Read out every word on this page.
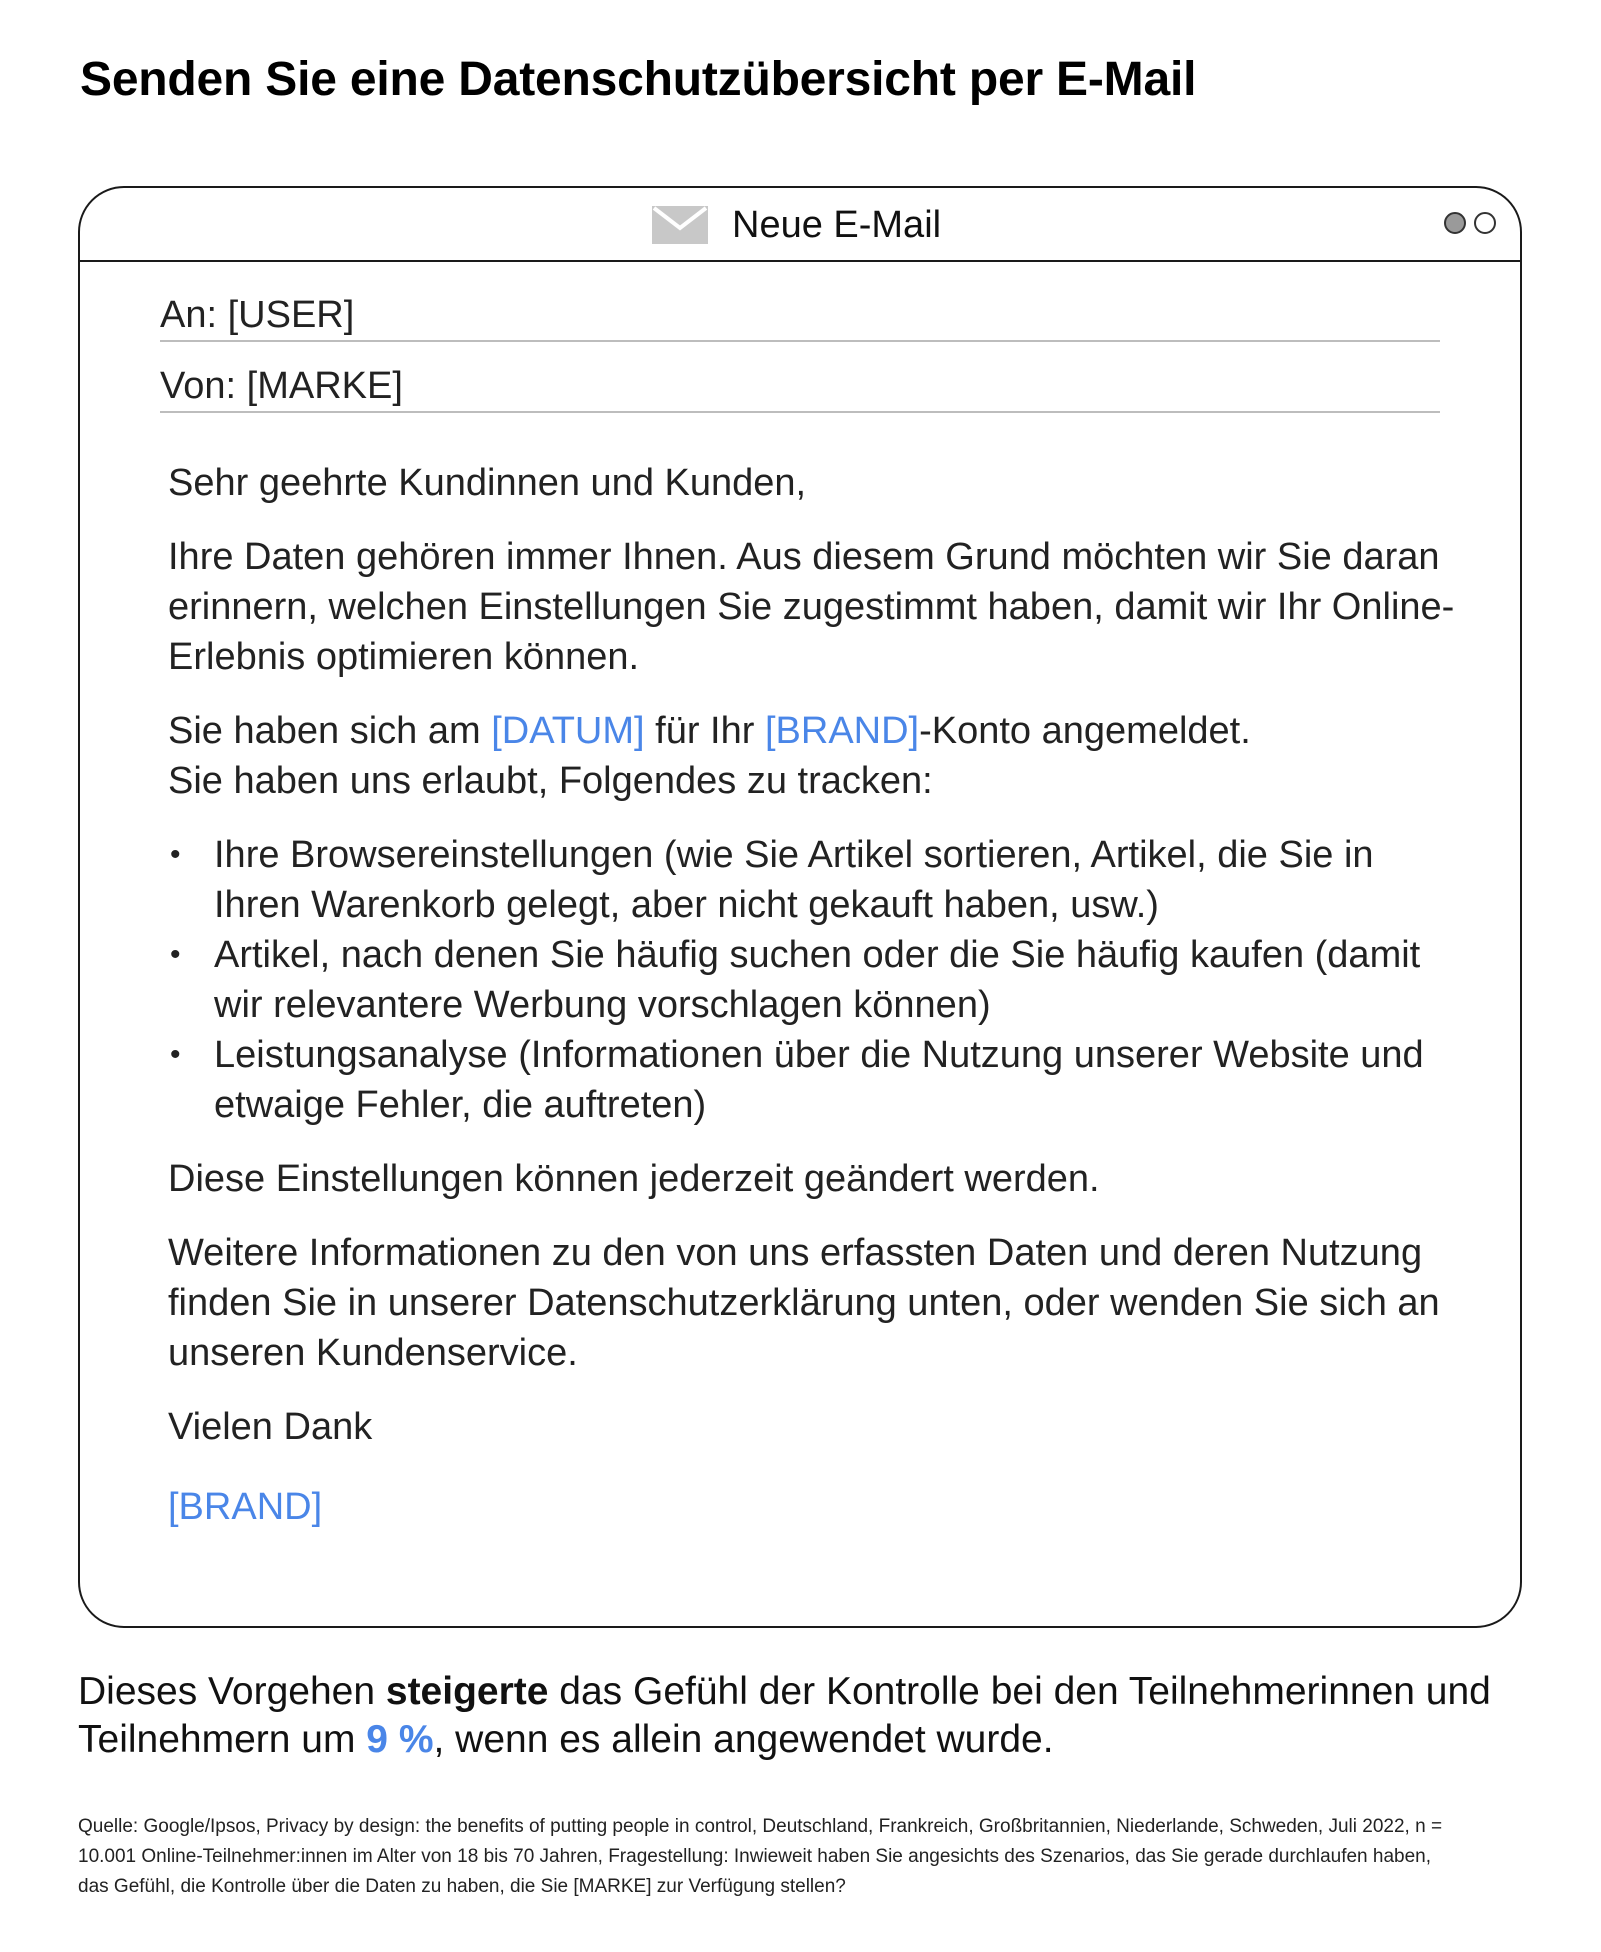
Senden Sie eine Datenschutzübersicht per E-Mail
Neue E-Mail
An: [USER]
Von: [MARKE]

Sehr geehrte Kundinnen und Kunden,

Ihre Daten gehören immer Ihnen. Aus diesem Grund möchten wir Sie daran erinnern, welchen Einstellungen Sie zugestimmt haben, damit wir Ihr Online-Erlebnis optimieren können.

Sie haben sich am [DATUM] für Ihr [BRAND]-Konto angemeldet.
Sie haben uns erlaubt, Folgendes zu tracken:

• Ihre Browsereinstellungen (wie Sie Artikel sortieren, Artikel, die Sie in Ihren Warenkorb gelegt, aber nicht gekauft haben, usw.)
• Artikel, nach denen Sie häufig suchen oder die Sie häufig kaufen (damit wir relevantere Werbung vorschlagen können)
• Leistungsanalyse (Informationen über die Nutzung unserer Website und etwaige Fehler, die auftreten)

Diese Einstellungen können jederzeit geändert werden.

Weitere Informationen zu den von uns erfassten Daten und deren Nutzung finden Sie in unserer Datenschutzerklärung unten, oder wenden Sie sich an unseren Kundenservice.

Vielen Dank

[BRAND]

Dieses Vorgehen steigerte das Gefühl der Kontrolle bei den Teilnehmerinnen und Teilnehmern um 9 %, wenn es allein angewendet wurde.

Quelle: Google/Ipsos, Privacy by design: the benefits of putting people in control, Deutschland, Frankreich, Großbritannien, Niederlande, Schweden, Juli 2022, n = 10.001 Online-Teilnehmer:innen im Alter von 18 bis 70 Jahren, Fragestellung: Inwieweit haben Sie angesichts des Szenarios, das Sie gerade durchlaufen haben, das Gefühl, die Kontrolle über die Daten zu haben, die Sie [MARKE] zur Verfügung stellen?
